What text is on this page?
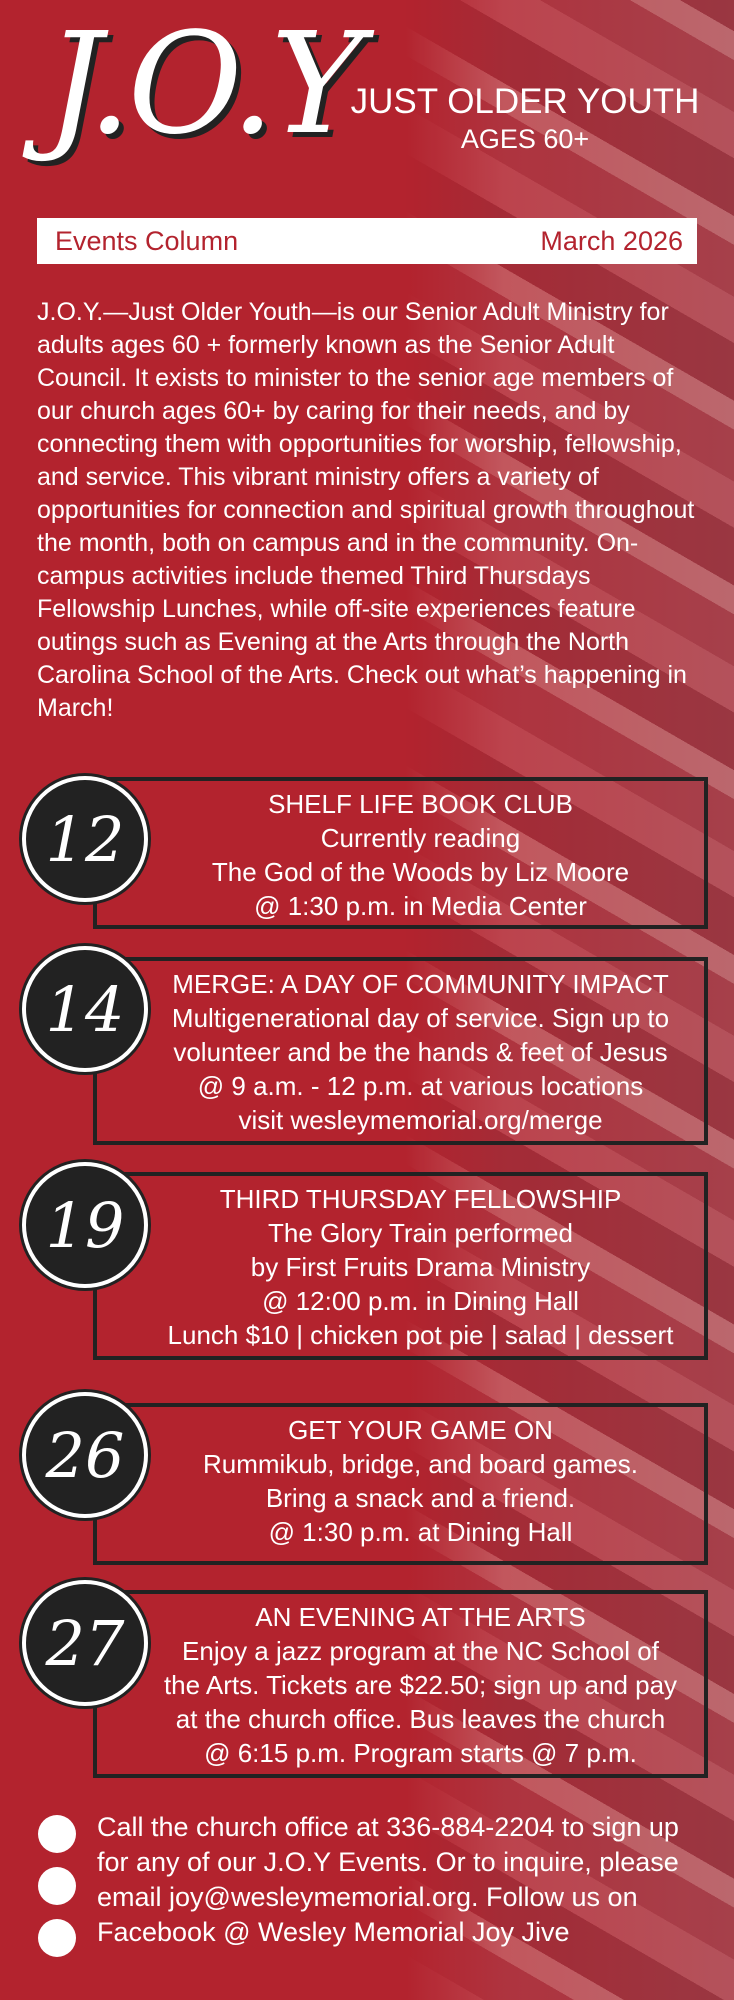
J.O.Y
JUST OLDER YOUTH
AGES 60+
Events Column	March 2026

J.O.Y.—Just Older Youth—is our Senior Adult Ministry for adults ages 60 + formerly known as the Senior Adult Council. It exists to minister to the senior age members of our church ages 60+ by caring for their needs, and by connecting them with opportunities for worship, fellowship, and service. This vibrant ministry offers a variety of opportunities for connection and spiritual growth throughout the month, both on campus and in the community. On-campus activities include themed Third Thursdays Fellowship Lunches, while off-site experiences feature outings such as Evening at the Arts through the North Carolina School of the Arts. Check out what’s happening in March!

SHELF LIFE BOOK CLUB
Currently reading
The God of the Woods by Liz Moore
@ 1:30 p.m. in Media Center
12
MERGE: A DAY OF COMMUNITY IMPACT
Multigenerational day of service. Sign up to
volunteer and be the hands & feet of Jesus
@ 9 a.m. - 12 p.m. at various locations
visit wesleymemorial.org/merge
14
THIRD THURSDAY FELLOWSHIP
The Glory Train performed
by First Fruits Drama Ministry
@ 12:00 p.m. in Dining Hall
Lunch $10 | chicken pot pie | salad | dessert
19
GET YOUR GAME ON
Rummikub, bridge, and board games.
Bring a snack and a friend.
@ 1:30 p.m. at Dining Hall
26
AN EVENING AT THE ARTS
Enjoy a jazz program at the NC School of
the Arts. Tickets are $22.50; sign up and pay
at the church office. Bus leaves the church
@ 6:15 p.m. Program starts @ 7 p.m.
27
Call the church office at 336-884-2204 to sign up for any of our J.O.Y Events. Or to inquire, please email joy@wesleymemorial.org. Follow us on Facebook @ Wesley Memorial Joy Jive
